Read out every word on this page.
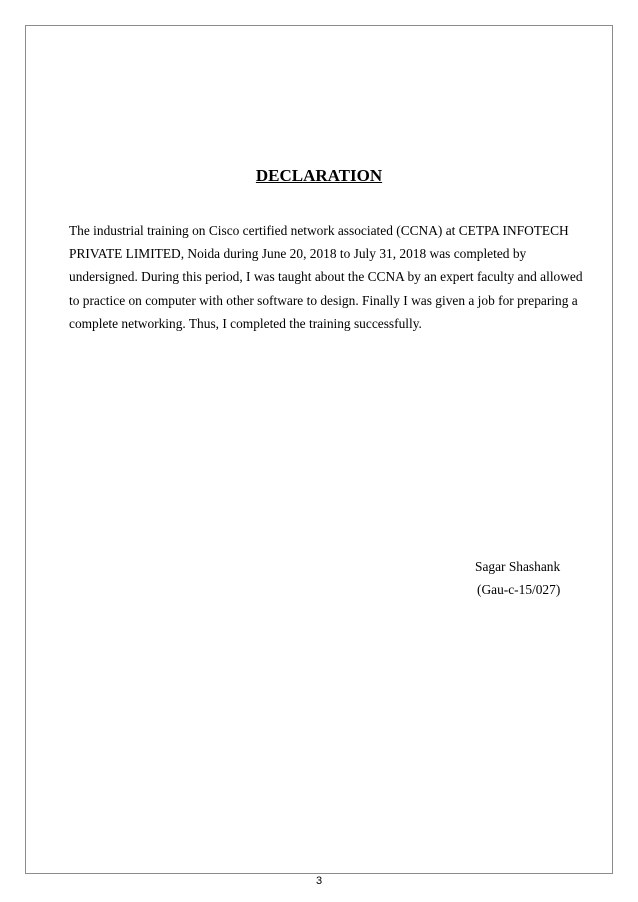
DECLARATION

The industrial training on Cisco certified network associated (CCNA) at CETPA INFOTECH
PRIVATE LIMITED, Noida during June 20, 2018 to July 31, 2018 was completed by
undersigned. During this period, I was taught about the CCNA by an expert faculty and allowed
to practice on computer with other software to design. Finally I was given a job for preparing a
complete networking. Thus, I completed the training successfully.

Sagar Shashank
(Gau-c-15/027)
3
